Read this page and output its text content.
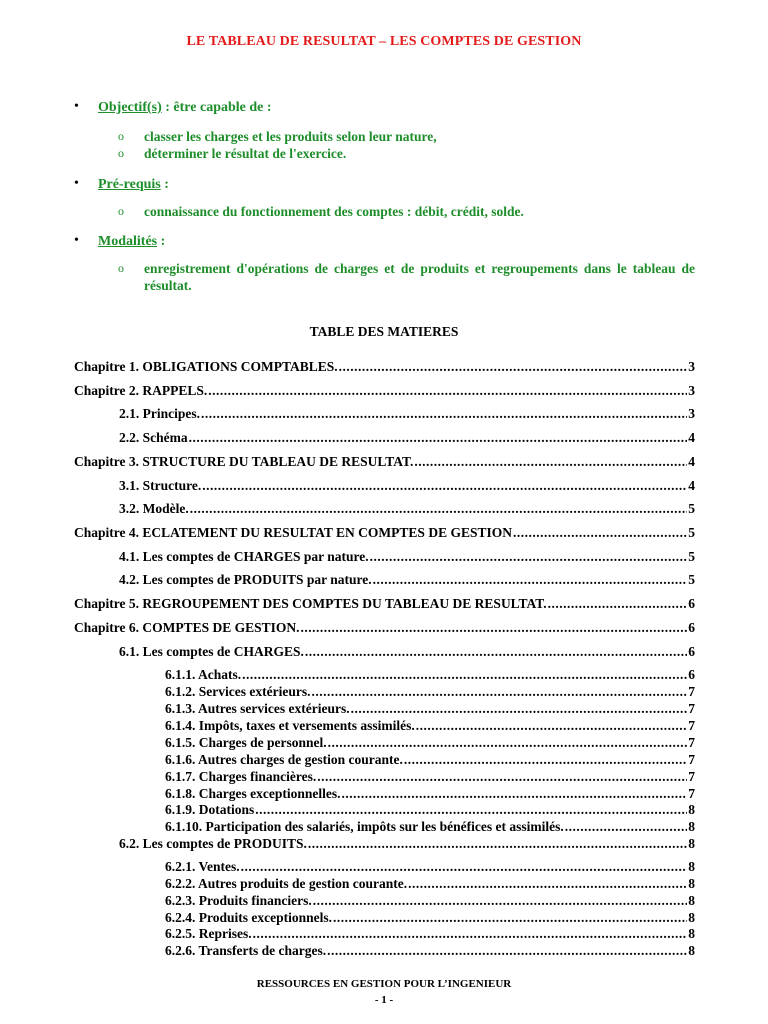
LE TABLEAU DE RESULTAT – LES COMPTES DE GESTION
• Objectif(s) : être capable de :
o classer les charges et les produits selon leur nature,
o déterminer le résultat de l'exercice.
• Pré-requis :
o connaissance du fonctionnement des comptes : débit, crédit, solde.
• Modalités :
o enregistrement d'opérations de charges et de produits et regroupements dans le tableau de résultat.
TABLE DES MATIERES
Chapitre 1. OBLIGATIONS COMPTABLES. .....	3
Chapitre 2. RAPPELS. .....	3
2.1. Principes. .....	3
2.2. Schéma .....	4
Chapitre 3. STRUCTURE DU TABLEAU DE RESULTAT. .....	4
3.1. Structure. .....	4
3.2. Modèle. .....	5
Chapitre 4. ECLATEMENT DU RESULTAT EN COMPTES DE GESTION .....	5
4.1. Les comptes de CHARGES par nature. .....	5
4.2. Les comptes de PRODUITS par nature. .....	5
Chapitre 5. REGROUPEMENT DES COMPTES DU TABLEAU DE RESULTAT. .....	6
Chapitre 6. COMPTES DE GESTION. .....	6
6.1. Les comptes de CHARGES. .....	6
6.1.1. Achats. .....	6
6.1.2. Services extérieurs. .....	7
6.1.3. Autres services extérieurs. .....	7
6.1.4. Impôts, taxes et versements assimilés. .....	7
6.1.5. Charges de personnel. .....	7
6.1.6. Autres charges de gestion courante. .....	7
6.1.7. Charges financières. .....	7
6.1.8. Charges exceptionnelles. .....	7
6.1.9. Dotations .....	8
6.1.10. Participation des salariés, impôts sur les bénéfices et assimilés. .....	8
6.2. Les comptes de PRODUITS. .....	8
6.2.1. Ventes. .....	8
6.2.2. Autres produits de gestion courante. .....	8
6.2.3. Produits financiers. .....	8
6.2.4. Produits exceptionnels. .....	8
6.2.5. Reprises. .....	8
6.2.6. Transferts de charges. .....	8
RESSOURCES EN GESTION POUR L’INGENIEUR
- 1 -
